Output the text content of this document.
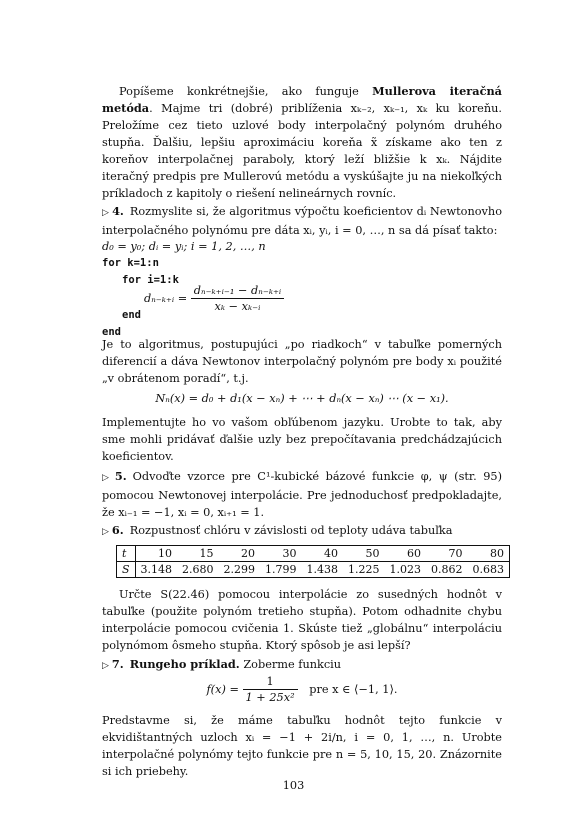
Popíšeme konkrétnejšie, ako funguje Mullerova iteračná metóda. Majme tri (dobré) priblíženia xₖ₋₂, xₖ₋₁, xₖ ku koreňu. Preložíme cez tieto uzlové body interpolačný polynóm druhého stupňa. Ďalšiu, lepšiu aproximáciu koreňa x̃ získame ako ten z koreňov interpolačnej paraboly, ktorý leží bližšie k xₖ. Nájdite iteračný predpis pre Mullerovú metódu a vyskúšajte ju na niekoľkých príkladoch z kapitoly o riešení nelineárnych rovníc.

▷ 4. Rozmyslite si, že algoritmus výpočtu koeficientov dᵢ Newtonovho interpolačného polynómu pre dáta xᵢ, yᵢ, i = 0, …, n sa dá písať takto:

d₀ = y₀; dᵢ = yᵢ; i = 1, 2, …, n
for k=1:n
for i=1:k
dₙ₋ₖ₊ᵢ = $\frac{\text{dₙ₋ₖ₊ᵢ₋₁ − dₙ₋ₖ₊ᵢ}}{\text{xₖ − xₖ₋ᵢ}}$
end
end

Je to algoritmus, postupujúci „po riadkoch“ v tabuľke pomerných diferencií a dáva Newtonov interpolačný polynóm pre body xᵢ použité „v obrátenom poradí“, t.j.

Nₙ(x) = d₀ + d₁(x − xₙ) + ⋯ + dₙ(x − xₙ) ⋯ (x − x₁).

Implementujte ho vo vašom obľúbenom jazyku. Urobte to tak, aby sme mohli pridávať ďalšie uzly bez prepočítavania predchádzajúcich koeficientov.

▷ 5. Odvoďte vzorce pre C¹-kubické bázové funkcie φ, ψ (str. 95) pomocou Newtonovej interpolácie. Pre jednoduchosť predpokladajte, že xᵢ₋₁ = −1, xᵢ = 0, xᵢ₊₁ = 1.

▷ 6. Rozpustnosť chlóru v závislosti od teploty udáva tabuľka

t	10	15	20	30	40	50	60	70	80
S	3.148	2.680	2.299	1.799	1.438	1.225	1.023	0.862	0.683

Určte S(22.46) pomocou interpolácie zo susedných hodnôt v tabuľke (použite polynóm tretieho stupňa). Potom odhadnite chybu interpolácie pomocou cvičenia 1. Skúste tiež „globálnu“ interpoláciu polynómom ôsmeho stupňa. Ktorý spôsob je asi lepší?

▷ 7. Rungeho príklad. Zoberme funkciu

$f(x) = \frac{1}{\text{1 + 25x²}}$ pre x ∈ ⟨−1, 1⟩.

Predstavme si, že máme tabuľku hodnôt tejto funkcie v ekvidištantných uzloch xᵢ = −1 + 2i/n, i = 0, 1, …, n. Urobte interpolačné polynómy tejto funkcie pre n = 5, 10, 15, 20. Znázornite si ich priebehy.

103
